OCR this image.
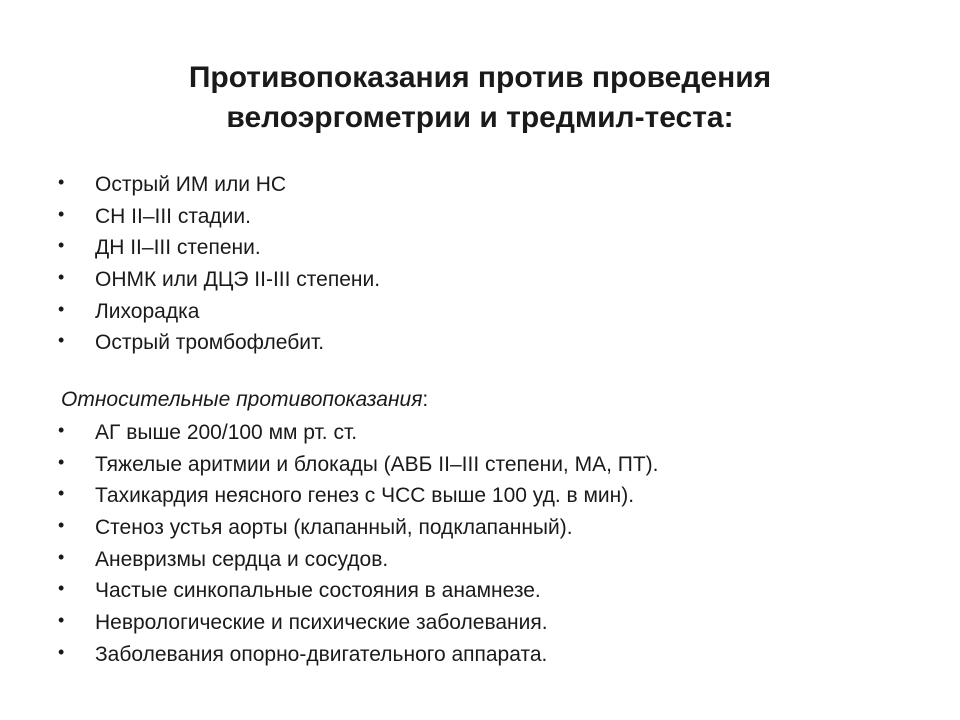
Противопоказания против проведения
велоэргометрии и тредмил-теста:
•	Острый ИМ или НС
•	СН II–III стадии.
•	ДН II–III степени.
•	ОНМК или ДЦЭ II-III степени.
•	Лихорадка
•	Острый тромбофлебит.
Относительные противопоказания:
•	АГ выше 200/100 мм рт. ст.
•	Тяжелые аритмии и блокады (АВБ II–III степени, МА, ПТ).
•	Тахикардия неясного генез с ЧСС выше 100 уд. в мин).
•	Стеноз устья аорты (клапанный, подклапанный).
•	Аневризмы сердца и сосудов.
•	Частые синкопальные состояния в анамнезе.
•	Неврологические и психические заболевания.
•	Заболевания опорно-двигательного аппарата.
